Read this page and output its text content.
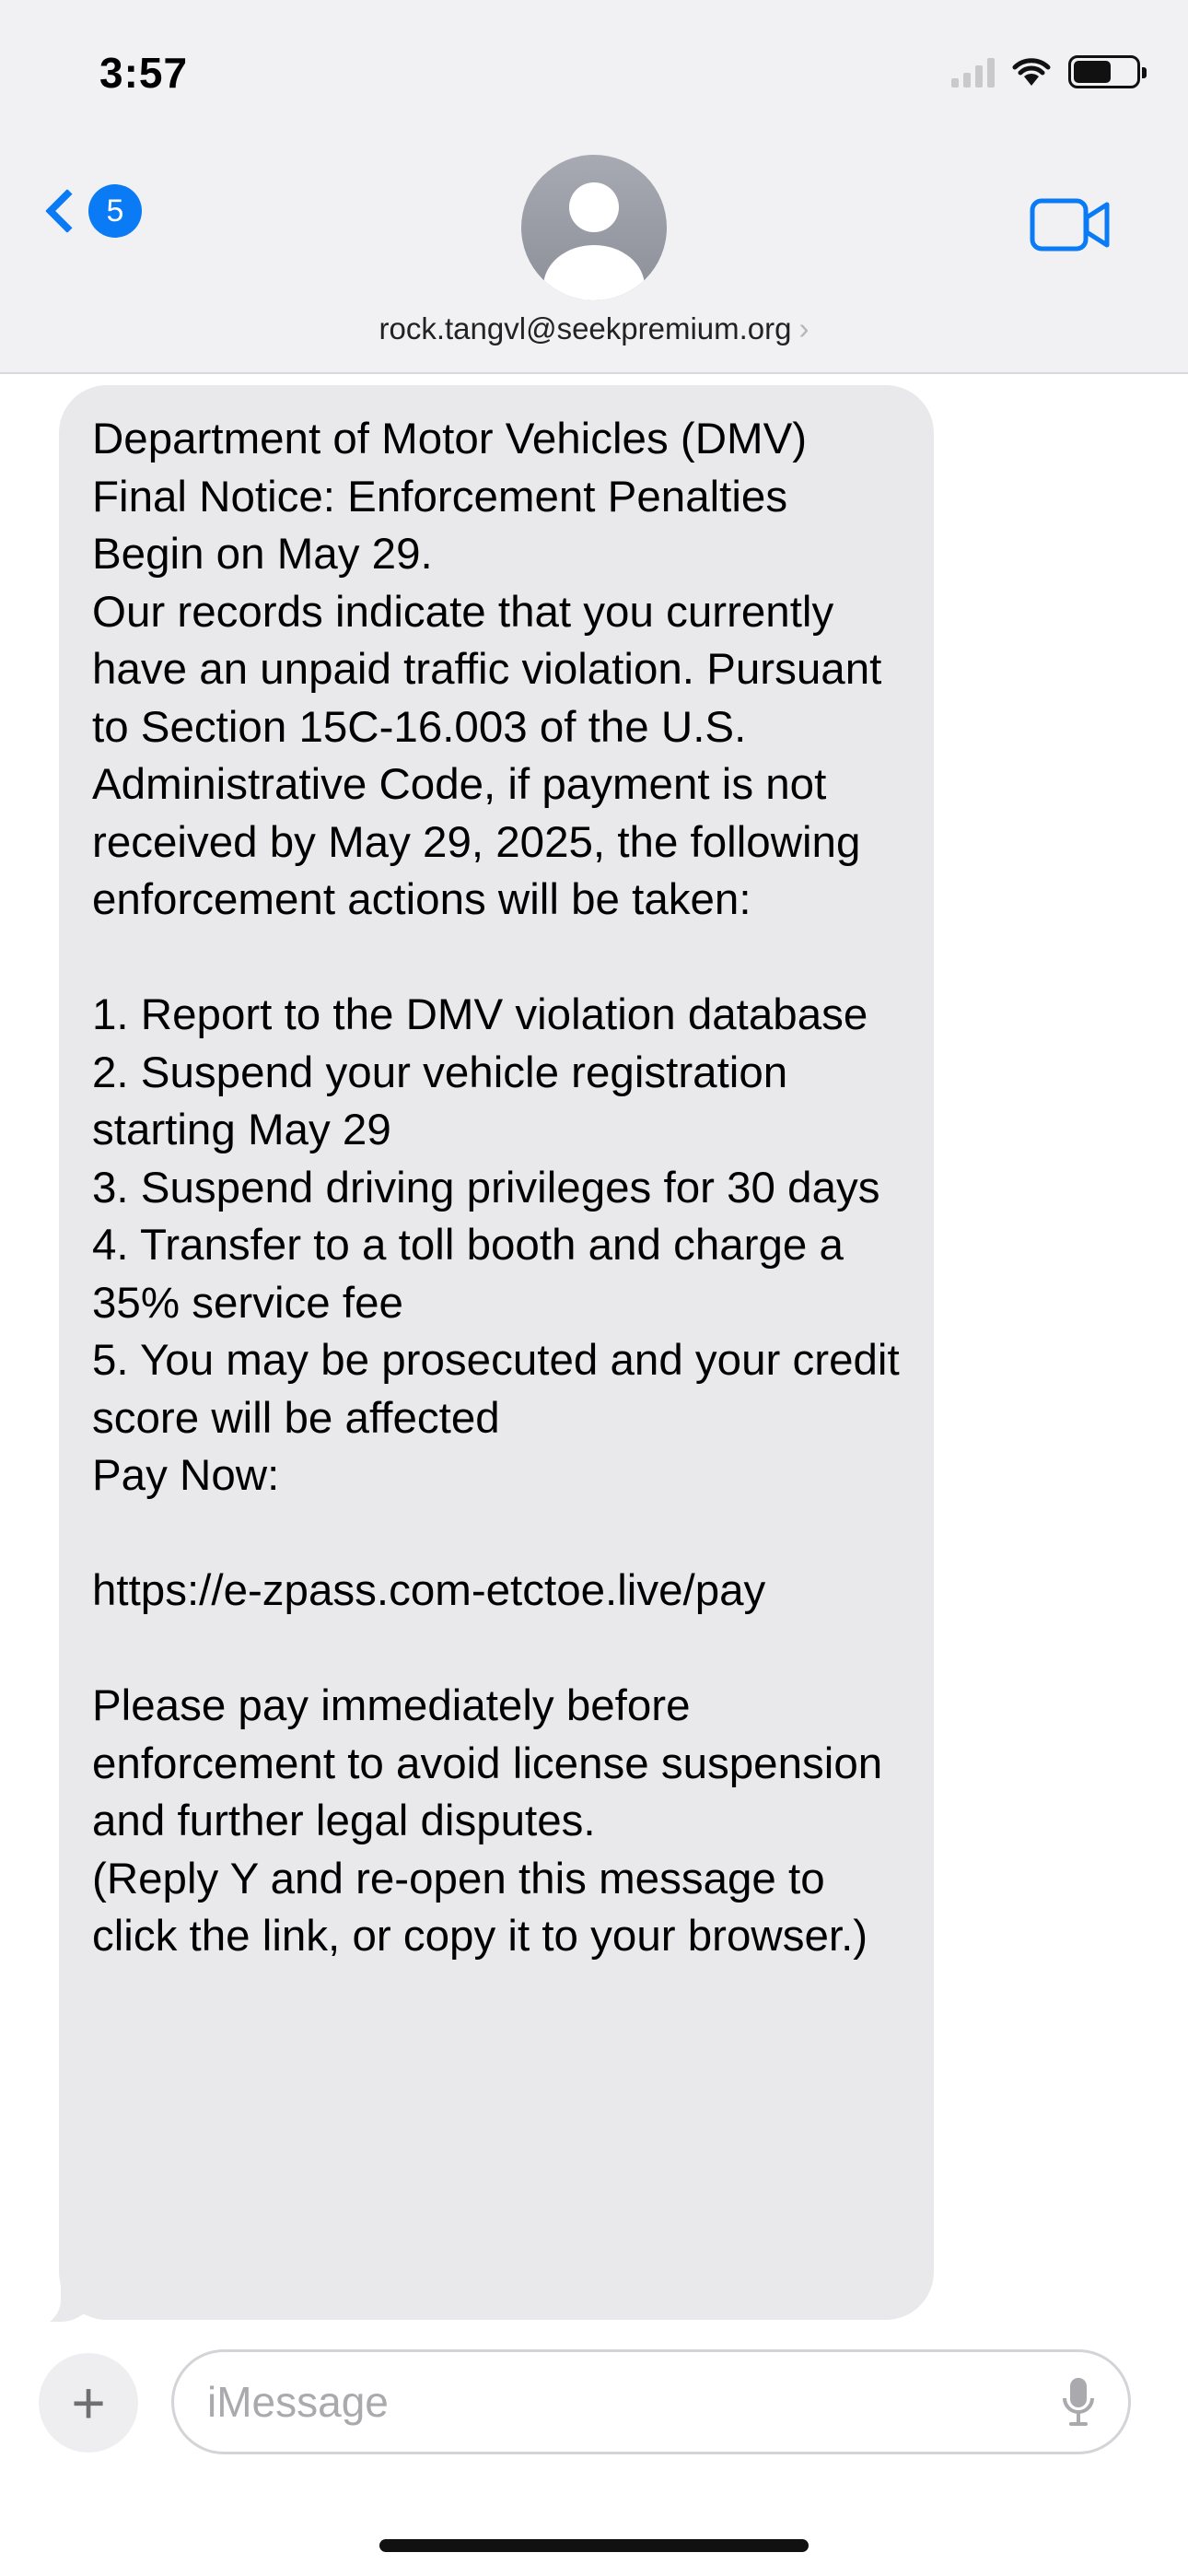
3:57
5
rock.tangvl@seekpremium.org ›
Department of Motor Vehicles (DMV) Final Notice: Enforcement Penalties Begin on May 29.
Our records indicate that you currently have an unpaid traffic violation. Pursuant to Section 15C-16.003 of the U.S. Administrative Code, if payment is not received by May 29, 2025, the following enforcement actions will be taken:

1. Report to the DMV violation database
2. Suspend your vehicle registration starting May 29
3. Suspend driving privileges for 30 days
4. Transfer to a toll booth and charge a 35% service fee
5. You may be prosecuted and your credit score will be affected
Pay Now:

https://e-zpass.com-etctoe.live/pay

Please pay immediately before enforcement to avoid license suspension and further legal disputes.
(Reply Y and re-open this message to click the link, or copy it to your browser.)
+
iMessage
